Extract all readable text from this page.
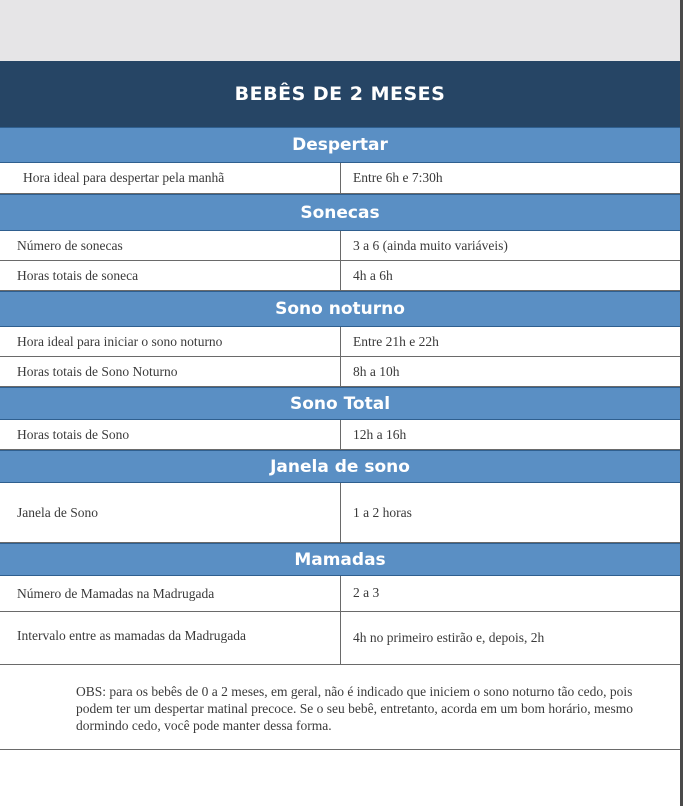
BEBÊS DE 2 MESES
Despertar
Hora ideal para despertar pela manhã	Entre 6h e 7:30h
Sonecas
Número de sonecas	3 a 6 (ainda muito variáveis)
Horas totais de soneca	4h a 6h
Sono noturno
Hora ideal para iniciar o sono noturno	Entre 21h e 22h
Horas totais de Sono Noturno	8h a 10h
Sono Total
Horas totais de Sono	12h a 16h
Janela de sono
Janela de Sono	1 a 2 horas
Mamadas
Número de Mamadas na Madrugada	2 a 3
Intervalo entre as mamadas da Madrugada	4h no primeiro estirão e, depois, 2h
OBS: para os bebês de 0 a 2 meses, em geral, não é indicado que iniciem o sono noturno tão cedo, pois podem ter um despertar matinal precoce. Se o seu bebê, entretanto, acorda em um bom horário, mesmo dormindo cedo, você pode manter dessa forma.
